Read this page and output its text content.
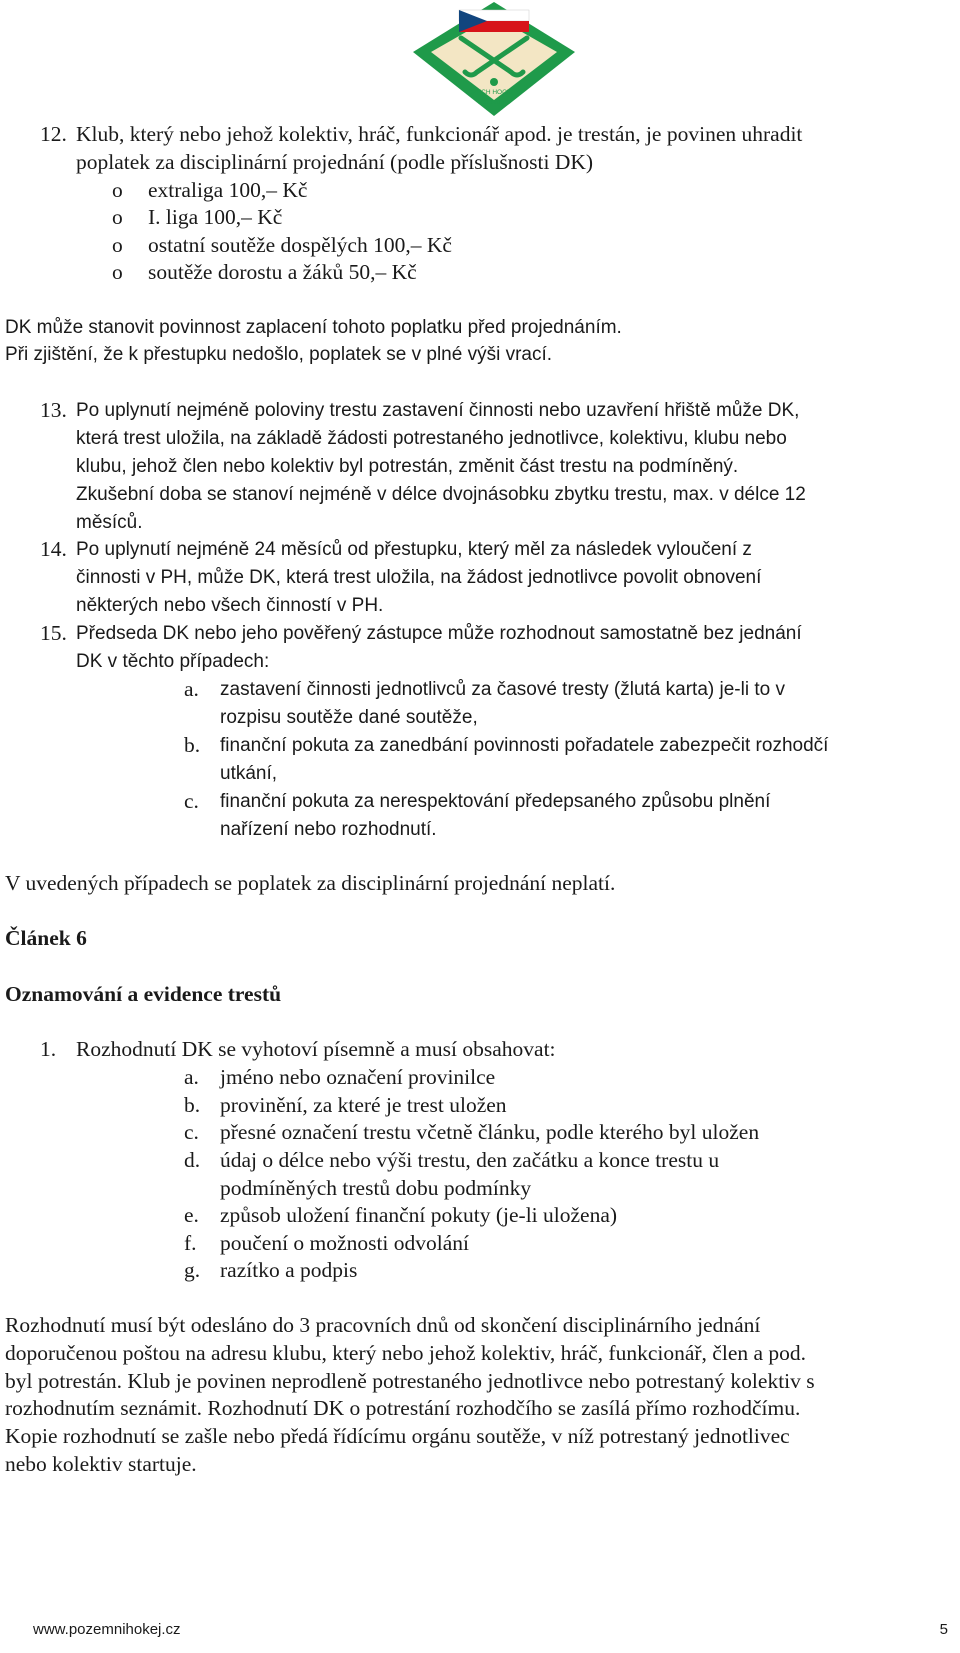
CZECH HOCKEY
FEDERATION
12. Klub, který nebo jehož kolektiv, hráč, funkcionář apod. je trestán, je povinen uhradit
poplatek za disciplinární projednání (podle příslušnosti DK)
o extraliga 100,– Kč
o I. liga 100,– Kč
o ostatní soutěže dospělých 100,– Kč
o soutěže dorostu a žáků 50,– Kč
DK může stanovit povinnost zaplacení tohoto poplatku před projednáním.
Při zjištění, že k přestupku nedošlo, poplatek se v plné výši vrací.
13. Po uplynutí nejméně poloviny trestu zastavení činnosti nebo uzavření hřiště může DK,
která trest uložila, na základě žádosti potrestaného jednotlivce, kolektivu, klubu nebo
klubu, jehož člen nebo kolektiv byl potrestán, změnit část trestu na podmíněný.
Zkušební doba se stanoví nejméně v délce dvojnásobku zbytku trestu, max. v délce 12
měsíců.
14. Po uplynutí nejméně 24 měsíců od přestupku, který měl za následek vyloučení z
činnosti v PH, může DK, která trest uložila, na žádost jednotlivce povolit obnovení
některých nebo všech činností v PH.
15. Předseda DK nebo jeho pověřený zástupce může rozhodnout samostatně bez jednání
DK v těchto případech:
a. zastavení činnosti jednotlivců za časové tresty (žlutá karta) je-li to v
rozpisu soutěže dané soutěže,
b. finanční pokuta za zanedbání povinnosti pořadatele zabezpečit rozhodčí
utkání,
c. finanční pokuta za nerespektování předepsaného způsobu plnění
nařízení nebo rozhodnutí.
V uvedených případech se poplatek za disciplinární projednání neplatí.
Článek 6
Oznamování a evidence trestů
1. Rozhodnutí DK se vyhotoví písemně a musí obsahovat:
a. jméno nebo označení provinilce
b. provinění, za které je trest uložen
c. přesné označení trestu včetně článku, podle kterého byl uložen
d. údaj o délce nebo výši trestu, den začátku a konce trestu u
podmíněných trestů dobu podmínky
e. způsob uložení finanční pokuty (je-li uložena)
f. poučení o možnosti odvolání
g. razítko a podpis
Rozhodnutí musí být odesláno do 3 pracovních dnů od skončení disciplinárního jednání
doporučenou poštou na adresu klubu, který nebo jehož kolektiv, hráč, funkcionář, člen a pod.
byl potrestán. Klub je povinen neprodleně potrestaného jednotlivce nebo potrestaný kolektiv s
rozhodnutím seznámit. Rozhodnutí DK o potrestání rozhodčího se zasílá přímo rozhodčímu.
Kopie rozhodnutí se zašle nebo předá řídícímu orgánu soutěže, v níž potrestaný jednotlivec
nebo kolektiv startuje.
www.pozemnihokej.cz	5
